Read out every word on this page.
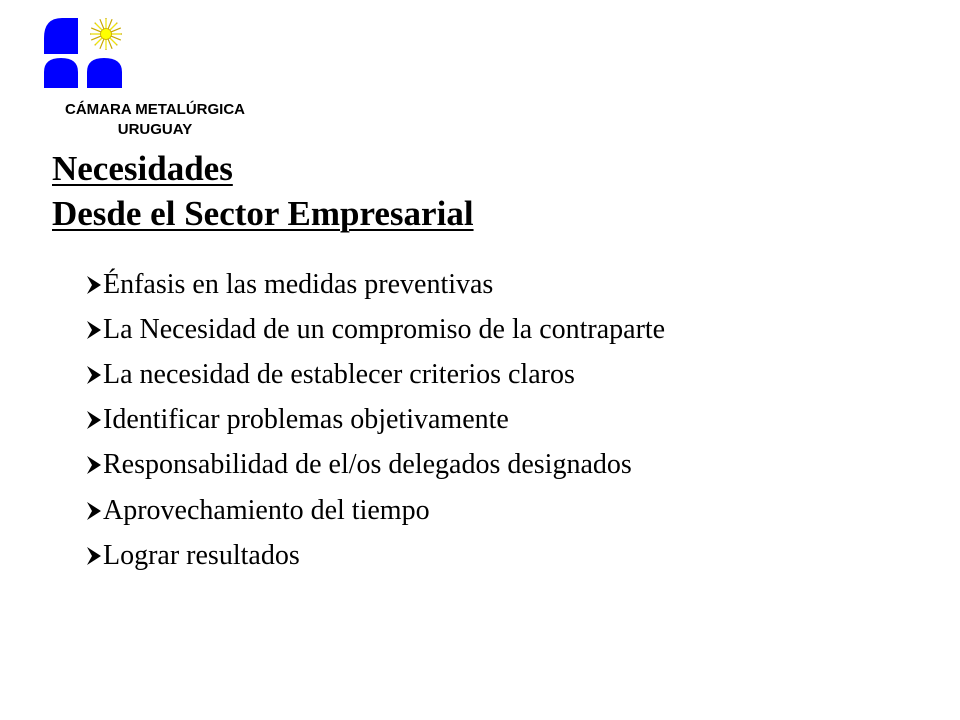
CÁMARA METALÚRGICA
URUGUAY

Necesidades
Desde el Sector Empresarial
Énfasis en las medidas preventivas
La Necesidad de un compromiso de la contraparte
La necesidad de establecer criterios claros
Identificar problemas objetivamente
Responsabilidad de el/os delegados designados
Aprovechamiento del tiempo
Lograr resultados
